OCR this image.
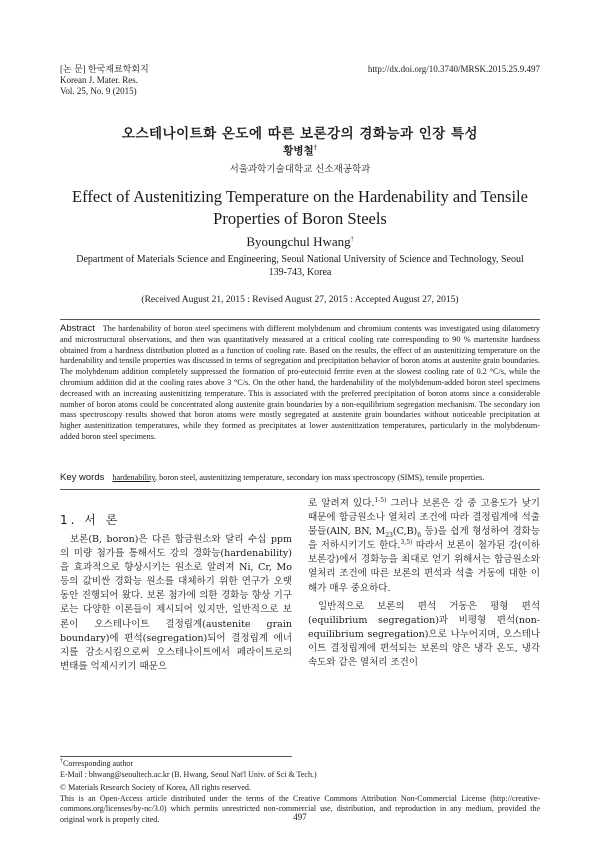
[논 문] 한국재료학회지
Korean J. Mater. Res.
Vol. 25, No. 9 (2015)
http://dx.doi.org/10.3740/MRSK.2015.25.9.497
오스테나이트화 온도에 따른 보론강의 경화능과 인장 특성
황병철†
서울과학기술대학교 신소재공학과
Effect of Austenitizing Temperature on the Hardenability and Tensile Properties of Boron Steels
Byoungchul Hwang†
Department of Materials Science and Engineering, Seoul National University of Science and Technology, Seoul 139-743, Korea
(Received August 21, 2015 : Revised August 27, 2015 : Accepted August 27, 2015)
Abstract The hardenability of boron steel specimens with different molybdenum and chromium contents was investigated using dilatometry and microstructural observations, and then was quantitatively measured at a critical cooling rate corresponding to 90 % martensite hardness obtained from a hardness distribution plotted as a function of cooling rate. Based on the results, the effect of an austenitizing temperature on the hardenability and tensile properties was discussed in terms of segregation and precipitation behavior of boron atoms at austenite grain boundaries. The molybdenum addition completely suppressed the formation of pro-eutectoid ferrite even at the slowest cooling rate of 0.2 °C/s, while the chromium addition did at the cooling rates above 3 °C/s. On the other hand, the hardenability of the molybdenum-added boron steel specimens decreased with an increasing austenitizing temperature. This is associated with the preferred precipitation of boron atoms since a considerable number of boron atoms could be concentrated along austenite grain boundaries by a non-equilibrium segregation mechanism. The secondary ion mass spectroscopy results showed that boron atoms were mostly segregated at austenite grain boundaries without noticeable precipitation at higher austenitization temperatures, while they formed as precipitates at lower austenitization temperatures, particularly in the molybdenum-added boron steel specimens.
Key words hardenability, boron steel, austenitizing temperature, secondary ion mass spectroscopy (SIMS), tensile properties.
1. 서 론

보론(B, boron)은 다른 합금원소와 달리 수십 ppm의 미량 첨가를 통해서도 강의 경화능(hardenability)을 효과적으로 향상시키는 원소로 알려져 Ni, Cr, Mo 등의 값비싼 경화능 원소를 대체하기 위한 연구가 오랫동안 진행되어 왔다. 보론 첨가에 의한 경화능 향상 기구로는 다양한 이론들이 제시되어 있지만, 일반적으로 보론이 오스테나이트 결정립계(austenite grain boundary)에 편석(segregation)되어 결정립계 에너지를 감소시킴으로써 오스테나이트에서 페라이트로의 변태를 억제시키기 때문으

로 알려져 있다.$^{1-5)}$ 그러나 보론은 강 중 고용도가 낮기 때문에 합금원소나 열처리 조건에 따라 결정립계에 석출물들(AlN, BN, $M_{23}(C,B)_6$ 등)을 쉽게 형성하여 경화능을 저하시키기도 한다.$^{3,5)}$ 따라서 보론이 첨가된 강(이하 보론강)에서 경화능을 최대로 얻기 위해서는 합금원소와 열처리 조건에 따른 보론의 편석과 석출 거동에 대한 이해가 매우 중요하다.

일반적으로 보론의 편석 거동은 평형 편석(equilibrium segregation)과 비평형 편석(non-equilibrium segregation)으로 나누어지며, 오스테나이트 결정립계에 편석되는 보론의 양은 냉각 온도, 냉각 속도와 같은 열처리 조건이

†Corresponding author

E-Mail : bhwang@seoultech.ac.kr (B. Hwang, Seoul Nat'l Univ. of Sci & Tech.)

© Materials Research Society of Korea, All rights reserved.

This is an Open-Access article distributed under the terms of the Creative Commons Attribution Non-Commercial License (http://creative-commons.org/licenses/by-nc/3.0) which permits unrestricted non-commercial use, distribution, and reproduction in any medium, provided the original work is properly cited.	497
